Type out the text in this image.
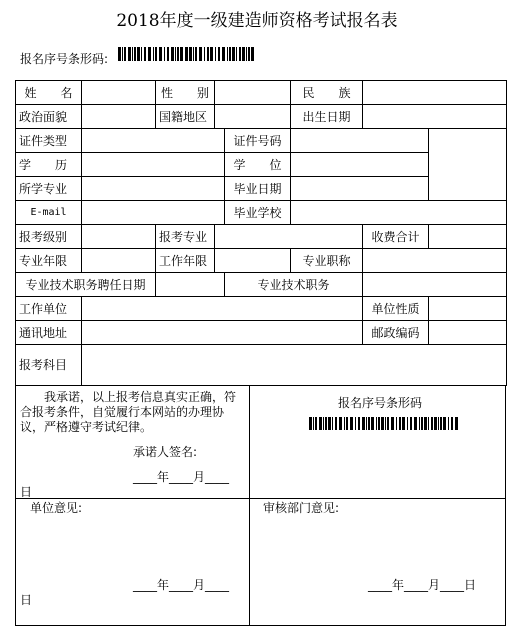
2018年度一级建造师资格考试报名表
报名序号条形码:
姓　　名		性　　别			民　　族		
政治面貌		国籍地区			出生日期		
证件类型				证件号码			
学　　历				学　　位			
所学专业				毕业日期			
E-mail				毕业学校			
报考级别		报考专业				收费合计	
专业年限		工作年限			专业职称		
专业技术职务聘任日期				专业技术职务			
工作单位						单位性质	
通讯地址						邮政编码	
报考科目							
　　我承诺，以上报考信息真实正确，符
合报考条件，自觉履行本网站的办理协
议，严格遵守考试纪律。
承诺人签名:
____年____月____
日
报名序号条形码
单位意见:
____年____月____
日
审核部门意见:
____年____月____日
